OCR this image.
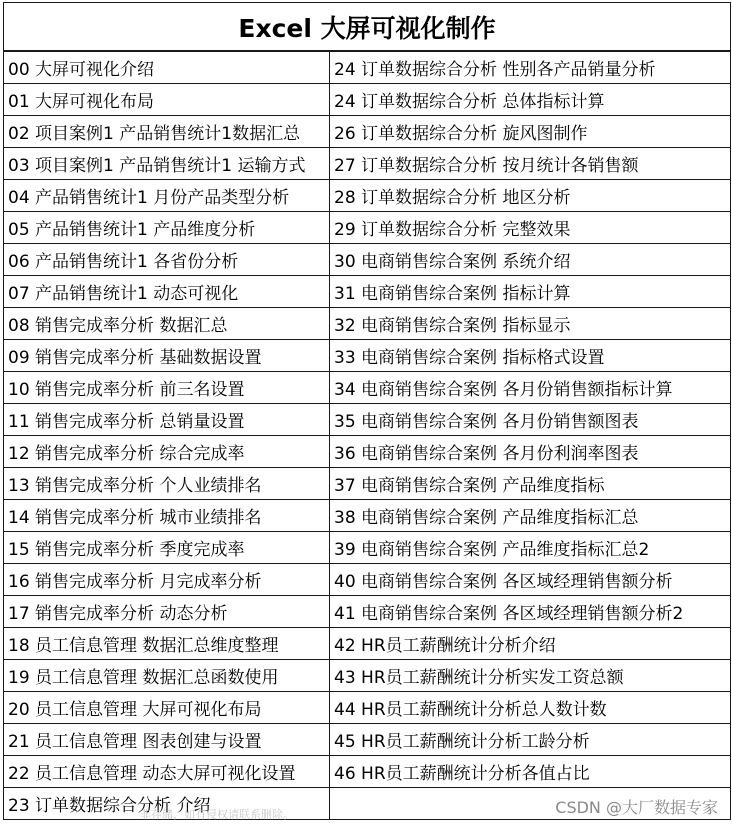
Excel 大屏可视化制作	
00 大屏可视化介绍	24 订单数据综合分析 性别各产品销量分析
01 大屏可视化布局	24 订单数据综合分析 总体指标计算
02 项目案例1 产品销售统计1数据汇总	26 订单数据综合分析 旋风图制作
03 项目案例1 产品销售统计1 运输方式	27 订单数据综合分析 按月统计各销售额
04 产品销售统计1 月份产品类型分析	28 订单数据综合分析 地区分析
05 产品销售统计1 产品维度分析	29 订单数据综合分析 完整效果
06 产品销售统计1 各省份分析	30 电商销售综合案例 系统介绍
07 产品销售统计1 动态可视化	31 电商销售综合案例 指标计算
08 销售完成率分析 数据汇总	32 电商销售综合案例 指标显示
09 销售完成率分析 基础数据设置	33 电商销售综合案例 指标格式设置
10 销售完成率分析 前三名设置	34 电商销售综合案例 各月份销售额指标计算
11 销售完成率分析 总销量设置	35 电商销售综合案例 各月份销售额图表
12 销售完成率分析 综合完成率	36 电商销售综合案例 各月份利润率图表
13 销售完成率分析 个人业绩排名	37 电商销售综合案例 产品维度指标
14 销售完成率分析 城市业绩排名	38 电商销售综合案例 产品维度指标汇总
15 销售完成率分析 季度完成率	39 电商销售综合案例 产品维度指标汇总2
16 销售完成率分析 月完成率分析	40 电商销售综合案例 各区域经理销售额分析
17 销售完成率分析 动态分析	41 电商销售综合案例 各区域经理销售额分析2
18 员工信息管理 数据汇总维度整理	42 HR员工薪酬统计分析介绍
19 员工信息管理 数据汇总函数使用	43 HR员工薪酬统计分析实发工资总额
20 员工信息管理 大屏可视化布局	44 HR员工薪酬统计分析总人数计数
21 员工信息管理 图表创建与设置	45 HR员工薪酬统计分析工龄分析
22 员工信息管理 动态大屏可视化设置	46 HR员工薪酬统计分析各值占比
23 订单数据综合分析 介绍	
非存储，如有侵权请联系删除。	CSDN @大厂数据专家
